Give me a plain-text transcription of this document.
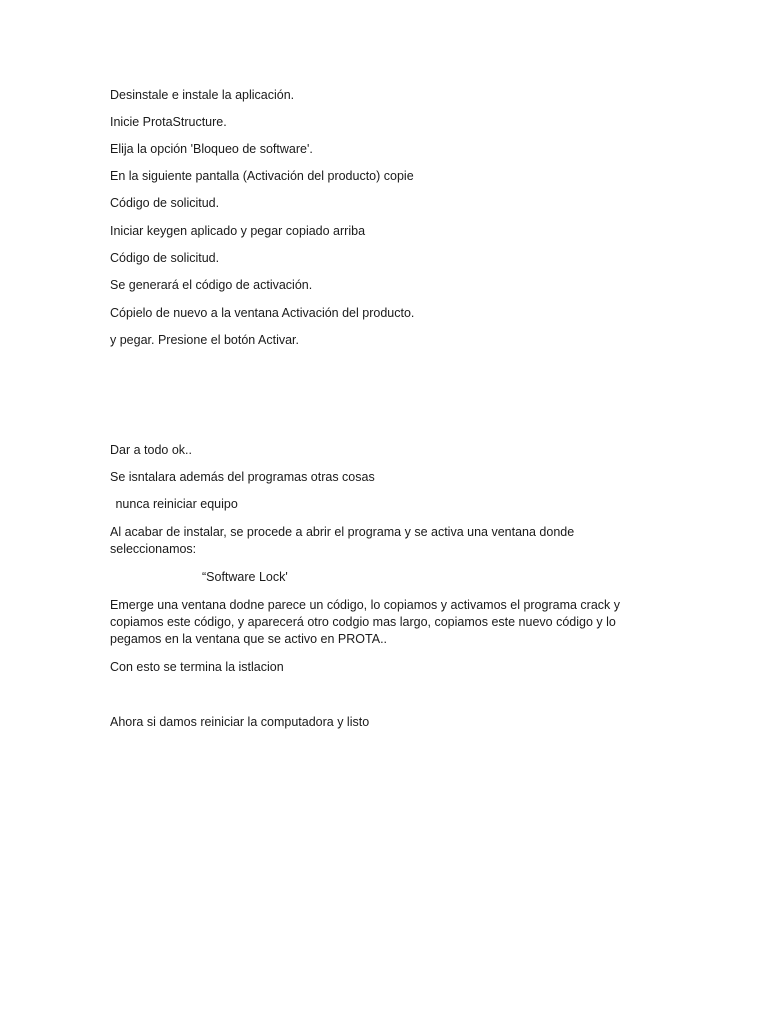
Desinstale e instale la aplicación.
Inicie ProtaStructure.
Elija la opción 'Bloqueo de software'.
En la siguiente pantalla (Activación del producto) copie
Código de solicitud.
Iniciar keygen aplicado y pegar copiado arriba
Código de solicitud.
Se generará el código de activación.
Cópielo de nuevo a la ventana Activación del producto.
y pegar. Presione el botón Activar.
Dar a todo ok..
Se isntalara además del programas otras cosas
nunca reiniciar equipo
Al acabar de instalar, se procede a abrir el programa y se activa una ventana donde seleccionamos:
“Software Lock'
Emerge una ventana dodne parece un código, lo copiamos y activamos el programa crack y copiamos este código, y aparecerá otro codgio mas largo, copiamos este nuevo código y lo pegamos en la ventana que se activo en PROTA..
Con esto se termina la istlacion
Ahora si damos reiniciar la computadora y listo
